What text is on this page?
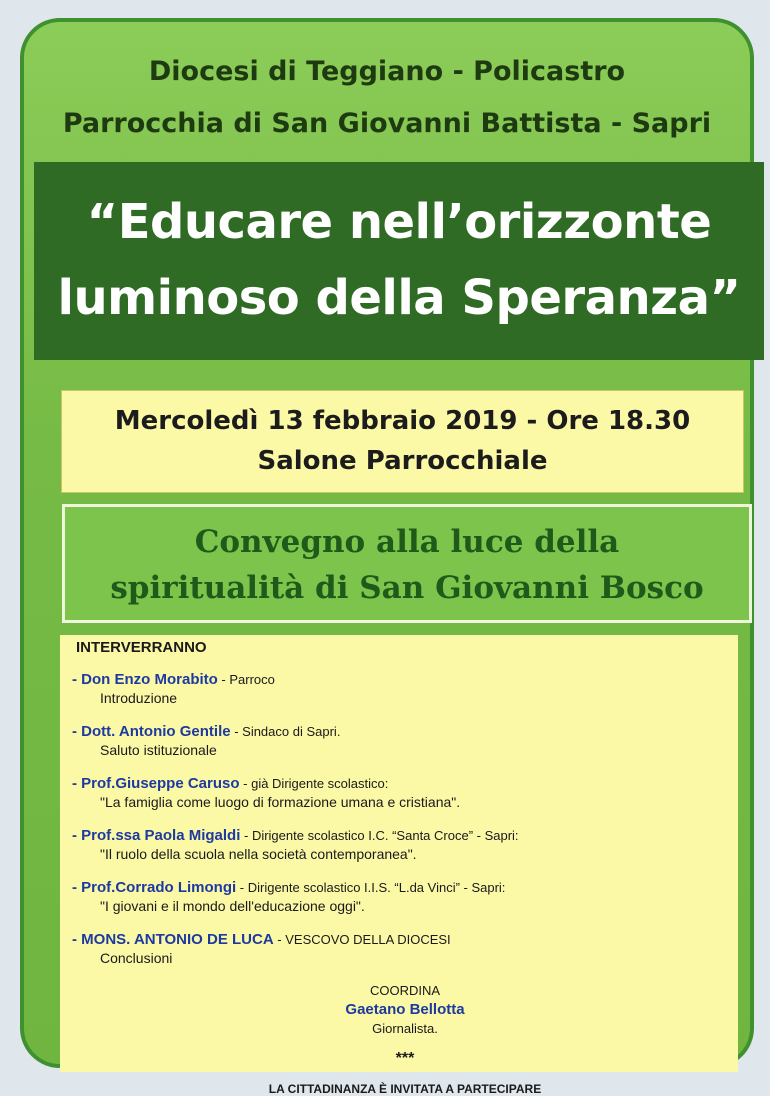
Diocesi di Teggiano - Policastro
Parrocchia di San Giovanni Battista - Sapri
“Educare nell’orizzonte
luminoso della Speranza”
Mercoledì 13 febbraio 2019 - Ore 18.30
Salone Parrocchiale
Convegno alla luce della
spiritualità di San Giovanni Bosco
INTERVERRANNO
- Don Enzo Morabito - Parroco
Introduzione
- Dott. Antonio Gentile - Sindaco di Sapri.
Saluto istituzionale
- Prof.Giuseppe Caruso - già Dirigente scolastico:
"La famiglia come luogo di formazione umana e cristiana".
- Prof.ssa Paola Migaldi - Dirigente scolastico I.C. “Santa Croce” - Sapri:
"Il ruolo della scuola nella società contemporanea".
- Prof.Corrado Limongi - Dirigente scolastico I.I.S. “L.da Vinci” - Sapri:
"I giovani e il mondo dell'educazione oggi".
- MONS. ANTONIO DE LUCA - VESCOVO DELLA DIOCESI
Conclusioni
COORDINA
Gaetano Bellotta
Giornalista.
***
LA CITTADINANZA È INVITATA A PARTECIPARE
